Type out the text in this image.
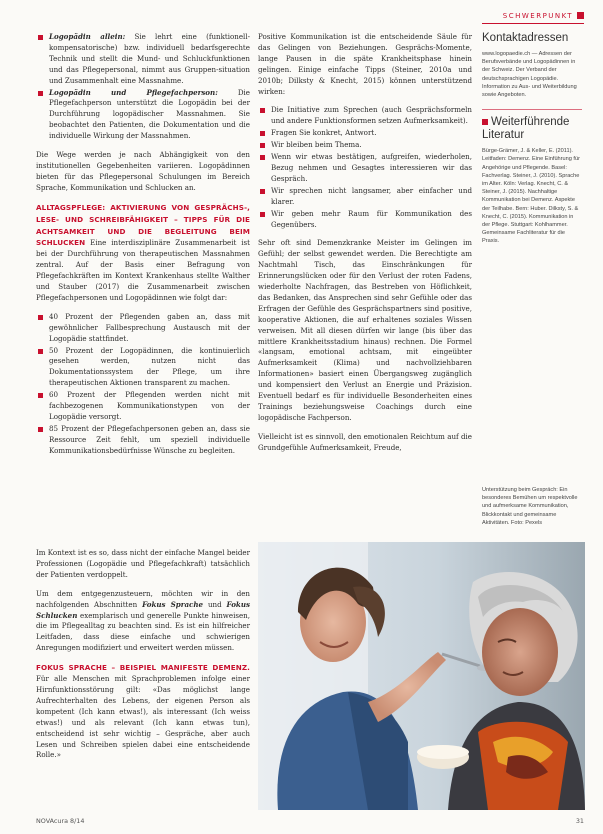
SCHWERPUNKT
Logopädin allein: Sie lehrt eine (funktionell-kompensatorische) bzw. individuell bedarfsgerechte Technik und stellt die Mund- und Schluckfunktionen und das Pflegepersonal, nimmt aus Gruppen-situation und Zusammenhalt eine Massnahme.
Logopädin und Pflegefachperson: Die Pflegefachperson unterstützt die Logopädin bei der Durchführung logopädischer Massnahmen. Sie beobachtet den Patienten, die Dokumentation und die individuelle Wirkung der Massnahmen.

Die Wege werden je nach Abhängigkeit von den institutionellen Gegebenheiten variieren. Logopädinnen bieten für das Pflegepersonal Schulungen im Bereich Sprache, Kommunikation und Schlucken an.

ALLTAGSPFLEGE: AKTIVIERUNG VON GESPRÄCHS-, LESE- UND SCHREIBFÄHIGKEIT – TIPPS FÜR DIE ACHTSAMKEIT UND DIE BEGLEITUNG BEIM SCHLUCKEN Eine interdisziplinäre Zusammenarbeit ist bei der Durchführung von therapeutischen Massnahmen zentral. Auf der Basis einer Befragung von Pflegefachkräften im Kontext Krankenhaus stellte Walther und Stauber (2017) die Zusammenarbeit zwischen Pflegefachpersonen und Logopädinnen wie folgt dar:

40 Prozent der Pflegenden gaben an, dass mit gewöhnlicher Fallbesprechung Austausch mit der Logopädie stattfindet.
50 Prozent der Logopädinnen, die kontinuierlich gesehen werden, nutzen nicht das Dokumentationssystem der Pflege, um ihre therapeutischen Aktionen transparent zu machen.
60 Prozent der Pflegenden werden nicht mit fachbezogenen Kommunikationstypen von der Logopädie versorgt.
85 Prozent der Pflegefachpersonen geben an, dass sie Ressource Zeit fehlt, um speziell individuelle Kommunikationsbedürfnisse Wünsche zu begleiten.

Im Kontext ist es so, dass nicht der einfache Mangel beider Professionen (Logopädie und Pflegefachkraft) tatsächlich der Patienten verdoppelt.

Um dem entgegenzusteuern, möchten wir in den nachfolgenden Abschnitten Fokus Sprache und Fokus Schlucken exemplarisch und generelle Punkte hinweisen, die im Pflegealltag zu beachten sind. Es ist ein hilfreicher Leitfaden, dass diese einfache und schwierigen Anregungen modifiziert und erweitert werden müssen.

FOKUS SPRACHE – BEISPIEL MANIFESTE DEMENZ. Für alle Menschen mit Sprachproblemen infolge einer Hirnfunktionsstörung gilt: «Das möglichst lange Aufrechterhalten des Lebens, der eigenen Person als kompetent (Ich kann etwas!), als interessant (Ich weiss etwas!) und als relevant (Ich kann etwas tun), entscheidend ist sehr wichtig – Gespräche, aber auch Lesen und Schreiben spielen dabei eine entscheidende Rolle.»

Positive Kommunikation ist die entscheidende Säule für das Gelingen von Beziehungen. Gesprächs-Momente, lange Pausen in die späte Krankheitsphase hinein gelingen. Einige einfache Tipps (Steiner, 2010a und 2010b; Dilksty & Knecht, 2015) können unterstützend wirken:

Die Initiative zum Sprechen (auch Gesprächsformeln und andere Funktionsformen setzen Aufmerksamkeit).
Fragen Sie konkret, Antwort.
Wir bleiben beim Thema.
Wenn wir etwas bestätigen, aufgreifen, wiederholen, Bezug nehmen und Gesagtes interessieren wir das Gespräch.
Wir sprechen nicht langsamer, aber einfacher und klarer.
Wir geben mehr Raum für Kommunikation des Gegenübers.

Sehr oft sind Demenzkranke Meister im Gelingen im Gefühl; der selbst gewendet werden. Die Berechtigte am Nachtmahl Tisch, das Einschränkungen für Erinnerungslücken oder für den Verlust der roten Fadens, wiederholte Nachfragen, das Bestreben von Höflichkeit, das Bedanken, das Ansprechen sind sehr Gefühle oder das Erfragen der Gefühle des Gesprächspartners sind positive, kooperative Aktionen, die auf erhaltenes soziales Wissen verweisen. Mit all diesen dürfen wir lange (bis über das mittlere Krankheitsstadium hinaus) rechnen. Die Formel «langsam, emotional achtsam, mit eingeübter Aufmerksamkeit (Klima) und nachvollziehbaren Informationen» basiert einen Übergangsweg zugänglich und kompensiert den Verlust an Energie und Präzision. Eventuell bedarf es für individuelle Besonderheiten eines Trainings beziehungsweise Coachings durch eine logopädische Fachperson.

Vielleicht ist es sinnvoll, den emotionalen Reichtum auf die Grundgefühle Aufmerksamkeit, Freude,

Kontaktadressen
www.logopaedie.ch — Adressen der Berufsverbände und Logopädinnen in der Schweiz. Der Verband der deutschsprachigen Logopädie. Information zu Aus- und Weiterbildung sowie Angeboten.
Weiterführende Literatur
Bürge-Grämer, J. & Keller, E. (2011). Leitfaden: Demenz. Eine Einführung für Angehörige und Pflegende. Basel: Fachverlag. Steiner, J. (2010). Sprache im Alter. Köln: Verlag. Knecht, C. & Steiner, J. (2015). Nachhaltige Kommunikation bei Demenz. Aspekte der Teilhabe. Bern: Huber. Dilksty, S. & Knecht, C. (2015). Kommunikation in der Pflege. Stuttgart: Kohlhammer. Gemeinsame Fachliteratur für die Praxis.
Unterstützung beim Gespräch: Ein besonderes Bemühen um respektvolle und aufmerksame Kommunikation, Blickkontakt und gemeinsame Aktivitäten. Foto: Pexels
NOVAcura 8/14	31
